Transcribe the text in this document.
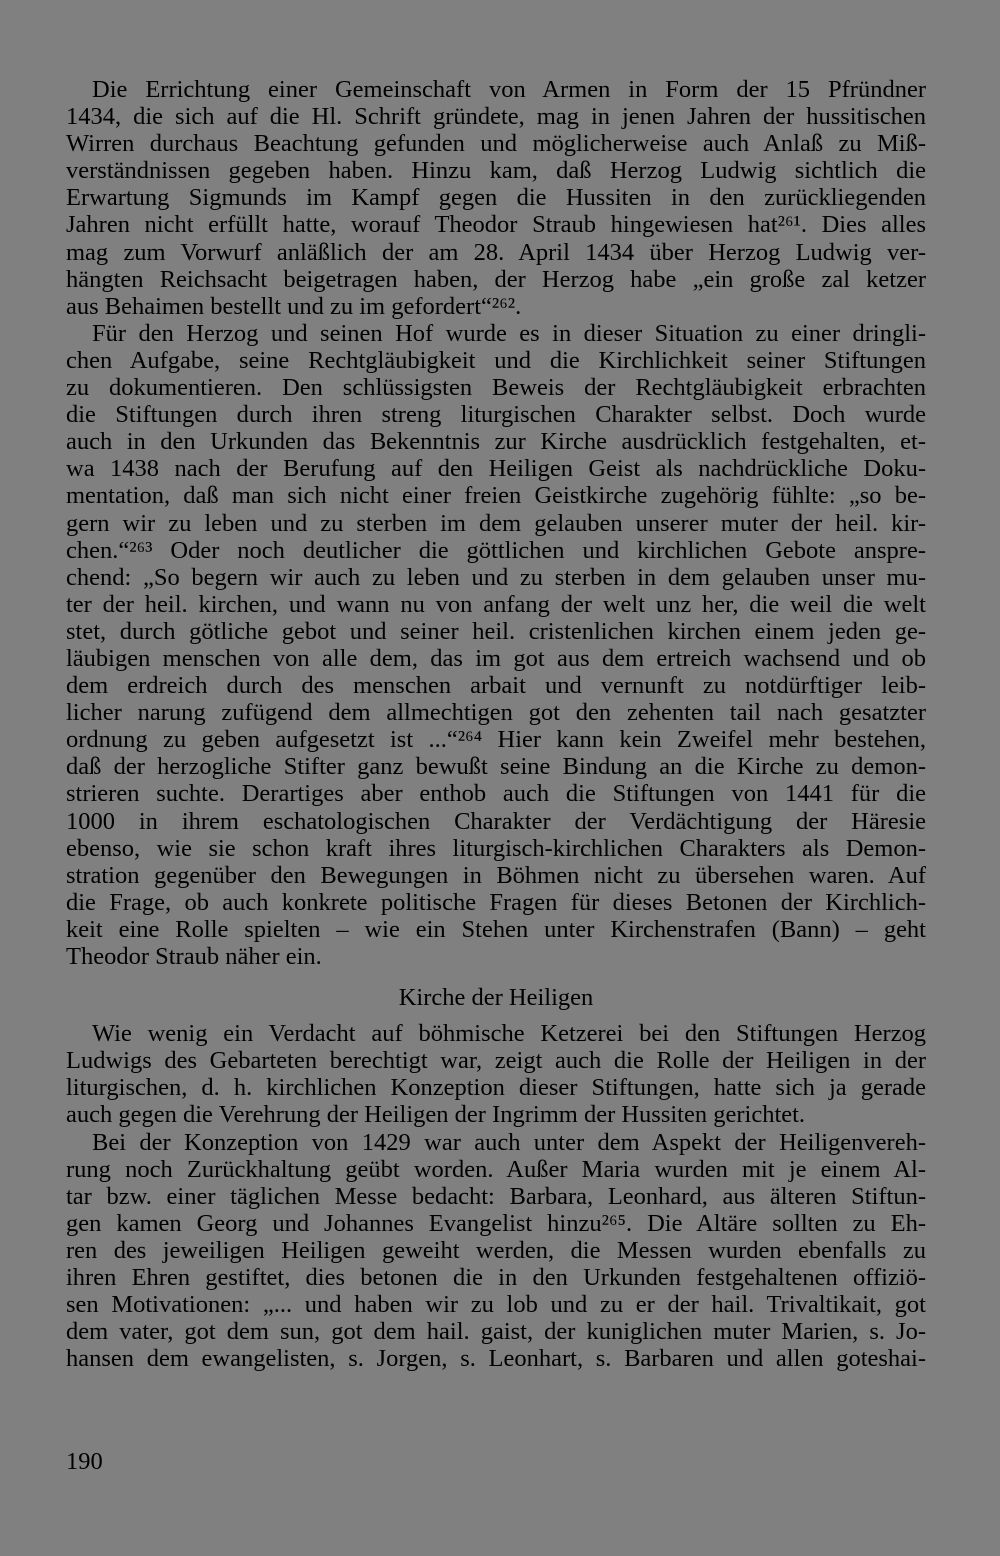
Die Errichtung einer Gemeinschaft von Armen in Form der 15 Pfründner
1434, die sich auf die Hl. Schrift gründete, mag in jenen Jahren der hussitischen
Wirren durchaus Beachtung gefunden und möglicherweise auch Anlaß zu Miß-
verständnissen gegeben haben. Hinzu kam, daß Herzog Ludwig sichtlich die
Erwartung Sigmunds im Kampf gegen die Hussiten in den zurückliegenden
Jahren nicht erfüllt hatte, worauf Theodor Straub hingewiesen hat²⁶¹. Dies alles
mag zum Vorwurf anläßlich der am 28. April 1434 über Herzog Ludwig ver-
hängten Reichsacht beigetragen haben, der Herzog habe „ein große zal ketzer
aus Behaimen bestellt und zu im gefordert“²⁶².
Für den Herzog und seinen Hof wurde es in dieser Situation zu einer dringli-
chen Aufgabe, seine Rechtgläubigkeit und die Kirchlichkeit seiner Stiftungen
zu dokumentieren. Den schlüssigsten Beweis der Rechtgläubigkeit erbrachten
die Stiftungen durch ihren streng liturgischen Charakter selbst. Doch wurde
auch in den Urkunden das Bekenntnis zur Kirche ausdrücklich festgehalten, et-
wa 1438 nach der Berufung auf den Heiligen Geist als nachdrückliche Doku-
mentation, daß man sich nicht einer freien Geistkirche zugehörig fühlte: „so be-
gern wir zu leben und zu sterben im dem gelauben unserer muter der heil. kir-
chen.“²⁶³ Oder noch deutlicher die göttlichen und kirchlichen Gebote anspre-
chend: „So begern wir auch zu leben und zu sterben in dem gelauben unser mu-
ter der heil. kirchen, und wann nu von anfang der welt unz her, die weil die welt
stet, durch götliche gebot und seiner heil. cristenlichen kirchen einem jeden ge-
läubigen menschen von alle dem, das im got aus dem ertreich wachsend und ob
dem erdreich durch des menschen arbait und vernunft zu notdürftiger leib-
licher narung zufügend dem allmechtigen got den zehenten tail nach gesatzter
ordnung zu geben aufgesetzt ist ...“²⁶⁴ Hier kann kein Zweifel mehr bestehen,
daß der herzogliche Stifter ganz bewußt seine Bindung an die Kirche zu demon-
strieren suchte. Derartiges aber enthob auch die Stiftungen von 1441 für die
1000 in ihrem eschatologischen Charakter der Verdächtigung der Häresie
ebenso, wie sie schon kraft ihres liturgisch-kirchlichen Charakters als Demon-
stration gegenüber den Bewegungen in Böhmen nicht zu übersehen waren. Auf
die Frage, ob auch konkrete politische Fragen für dieses Betonen der Kirchlich-
keit eine Rolle spielten – wie ein Stehen unter Kirchenstrafen (Bann) – geht
Theodor Straub näher ein.
Kirche der Heiligen
Wie wenig ein Verdacht auf böhmische Ketzerei bei den Stiftungen Herzog
Ludwigs des Gebarteten berechtigt war, zeigt auch die Rolle der Heiligen in der
liturgischen, d. h. kirchlichen Konzeption dieser Stiftungen, hatte sich ja gerade
auch gegen die Verehrung der Heiligen der Ingrimm der Hussiten gerichtet.
Bei der Konzeption von 1429 war auch unter dem Aspekt der Heiligenvereh-
rung noch Zurückhaltung geübt worden. Außer Maria wurden mit je einem Al-
tar bzw. einer täglichen Messe bedacht: Barbara, Leonhard, aus älteren Stiftun-
gen kamen Georg und Johannes Evangelist hinzu²⁶⁵. Die Altäre sollten zu Eh-
ren des jeweiligen Heiligen geweiht werden, die Messen wurden ebenfalls zu
ihren Ehren gestiftet, dies betonen die in den Urkunden festgehaltenen offiziö-
sen Motivationen: „... und haben wir zu lob und zu er der hail. Trivaltikait, got
dem vater, got dem sun, got dem hail. gaist, der kuniglichen muter Marien, s. Jo-
hansen dem ewangelisten, s. Jorgen, s. Leonhart, s. Barbaren und allen goteshai-
190
